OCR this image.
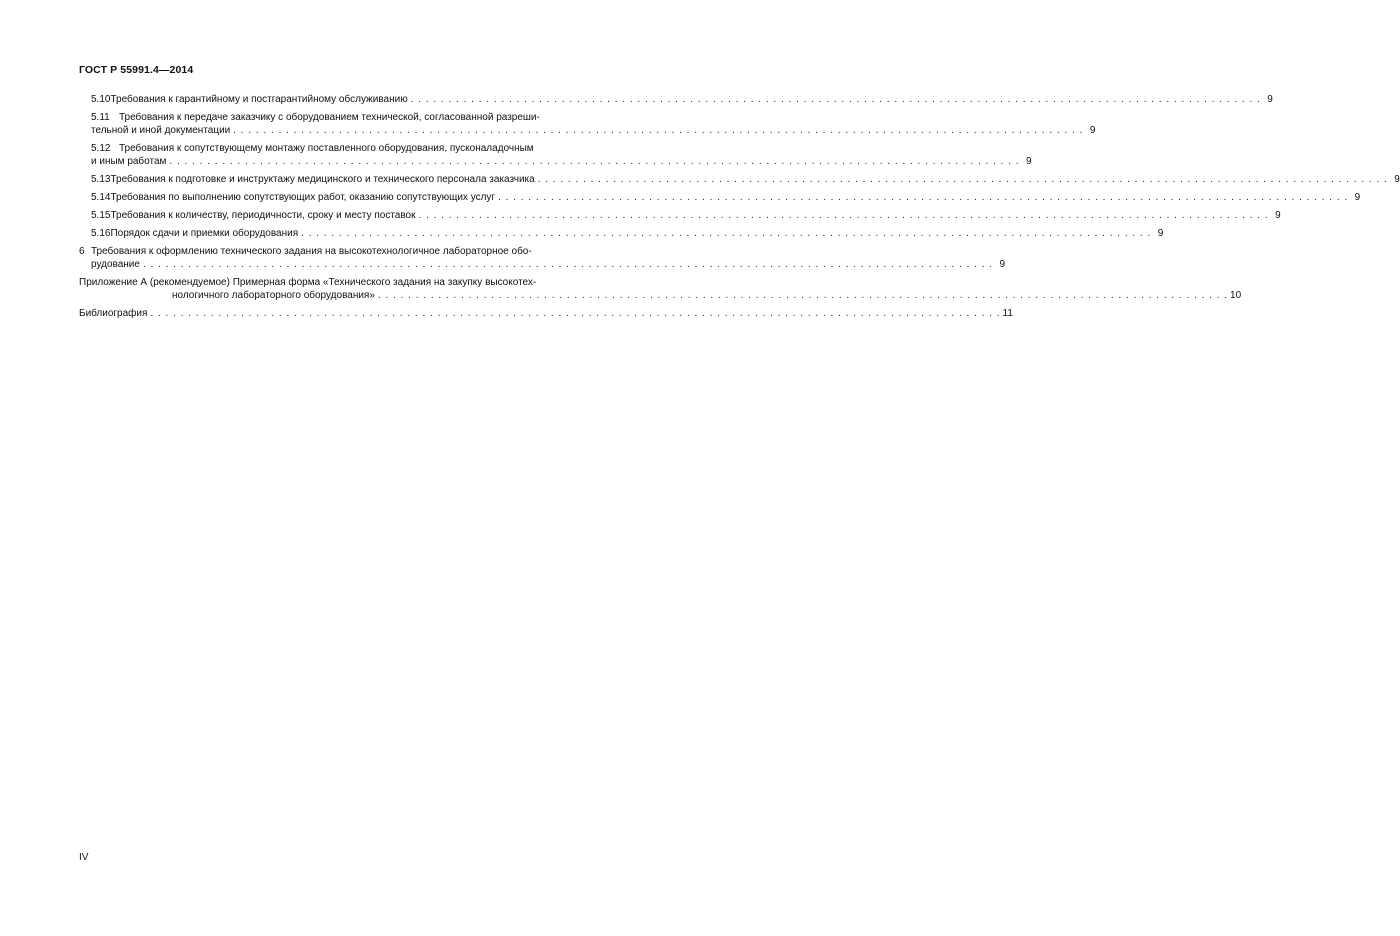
ГОСТ Р 55991.4—2014
5.10 Требования к гарантийному и постгарантийному обслуживанию . . .	9
5.11 Требования к передаче заказчику с оборудованием технической, согласованной разреши-
тельной и иной документации . . .	9
5.12 Требования к сопутствующему монтажу поставленного оборудования, пусконаладочным
и иным работам . . .	9
5.13 Требования к подготовке и инструктажу медицинского и технического персонала заказчика . . .	9
5.14 Требования по выполнению сопутствующих работ, оказанию сопутствующих услуг . . .	9
5.15 Требования к количеству, периодичности, сроку и месту поставок . . .	9
5.16 Порядок сдачи и приемки оборудования . . .	9
6 Требования к оформлению технического задания на высокотехнологичное лабораторное обо-
рудование . . .	9
Приложение А (рекомендуемое) Примерная форма «Технического задания на закупку высокотех-
нологичного лабораторного оборудования» . . .	10
Библиография . . .	11
IV
